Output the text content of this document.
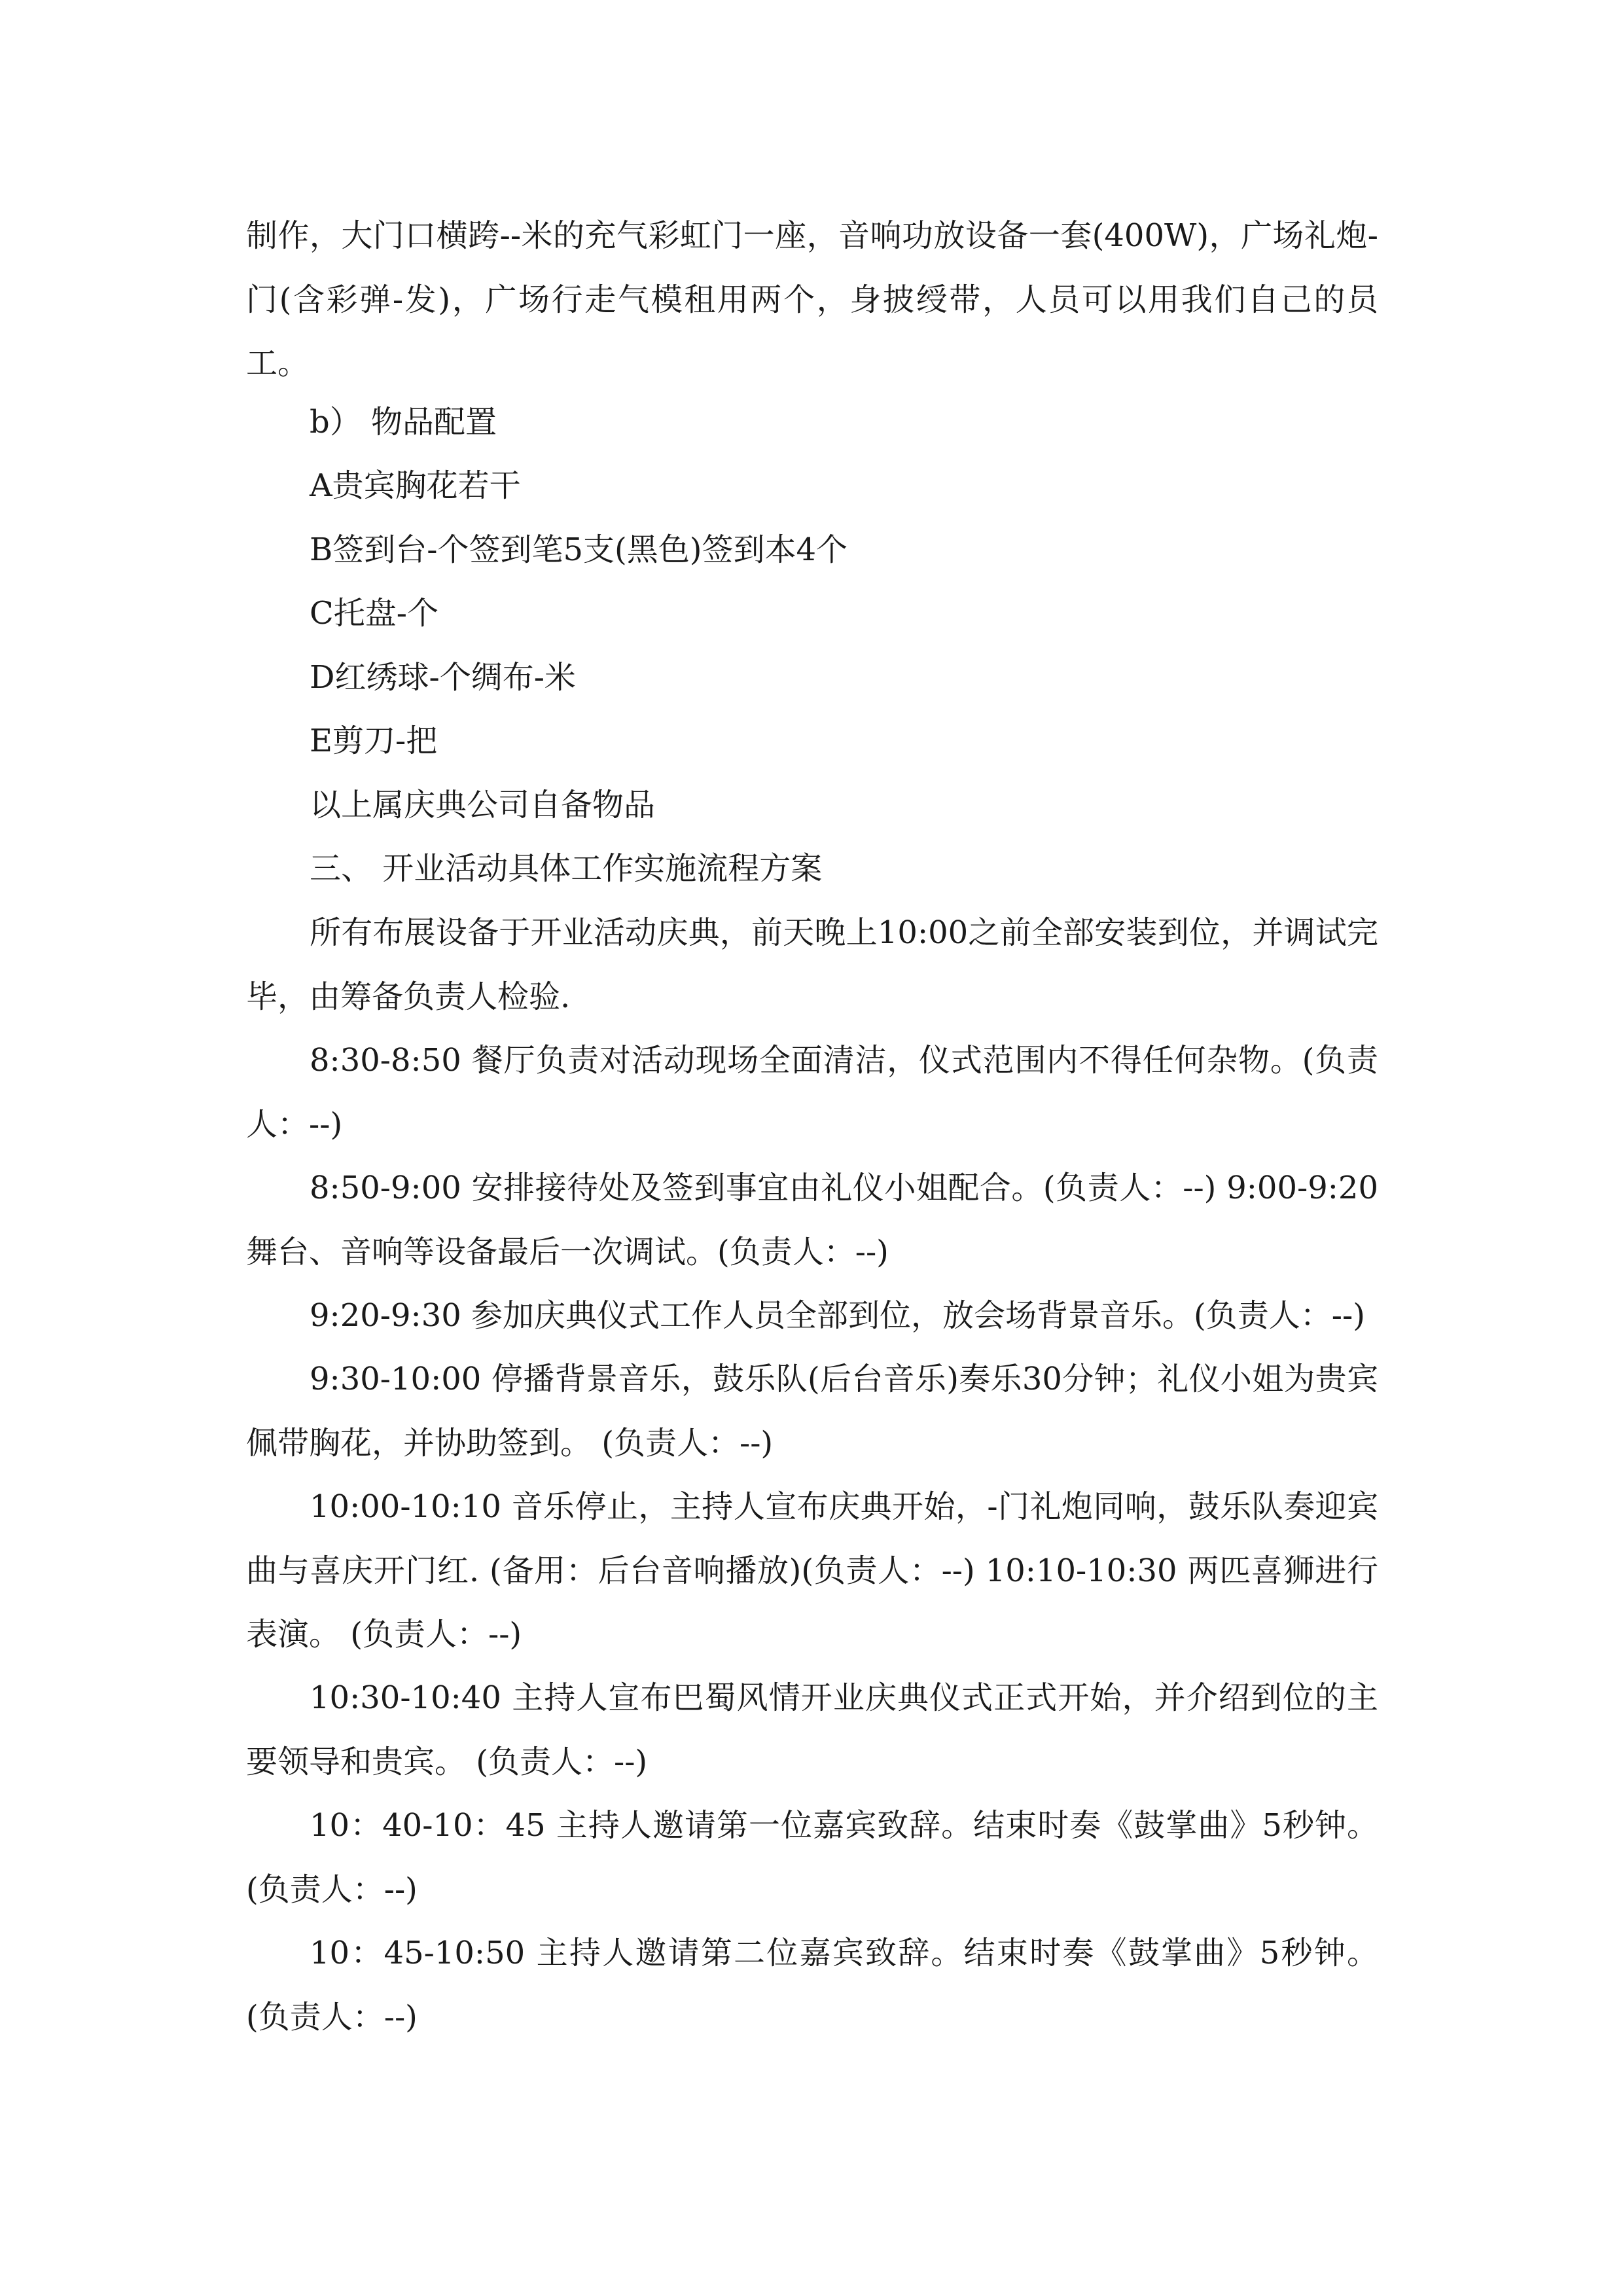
制作，大门口横跨--米的充气彩虹门一座，音响功放设备一套(400W)，广场礼炮-门(含彩弹-发)，广场行走气模租用两个，身披绶带，人员可以用我们自己的员工。

b） 物品配置

A贵宾胸花若干

B签到台-个签到笔5支(黑色)签到本4个

C托盘-个

D红绣球-个绸布-米

E剪刀-把

以上属庆典公司自备物品

三、 开业活动具体工作实施流程方案

所有布展设备于开业活动庆典，前天晚上10:00之前全部安装到位，并调试完毕，由筹备负责人检验.

8:30-8:50 餐厅负责对活动现场全面清洁，仪式范围内不得任何杂物。(负责人：--)

8:50-9:00 安排接待处及签到事宜由礼仪小姐配合。(负责人：--) 9:00-9:20 舞台、音响等设备最后一次调试。(负责人：--)

9:20-9:30 参加庆典仪式工作人员全部到位，放会场背景音乐。(负责人：--)

9:30-10:00 停播背景音乐，鼓乐队(后台音乐)奏乐30分钟；礼仪小姐为贵宾佩带胸花，并协助签到。 (负责人：--)

10:00-10:10 音乐停止，主持人宣布庆典开始，-门礼炮同响，鼓乐队奏迎宾曲与喜庆开门红. (备用：后台音响播放)(负责人：--) 10:10-10:30 两匹喜狮进行表演。 (负责人：--)

10:30-10:40 主持人宣布巴蜀风情开业庆典仪式正式开始，并介绍到位的主要领导和贵宾。 (负责人：--)

10：40-10：45 主持人邀请第一位嘉宾致辞。结束时奏《鼓掌曲》5秒钟。(负责人：--)

10：45-10:50 主持人邀请第二位嘉宾致辞。结束时奏《鼓掌曲》5秒钟。(负责人：--)
